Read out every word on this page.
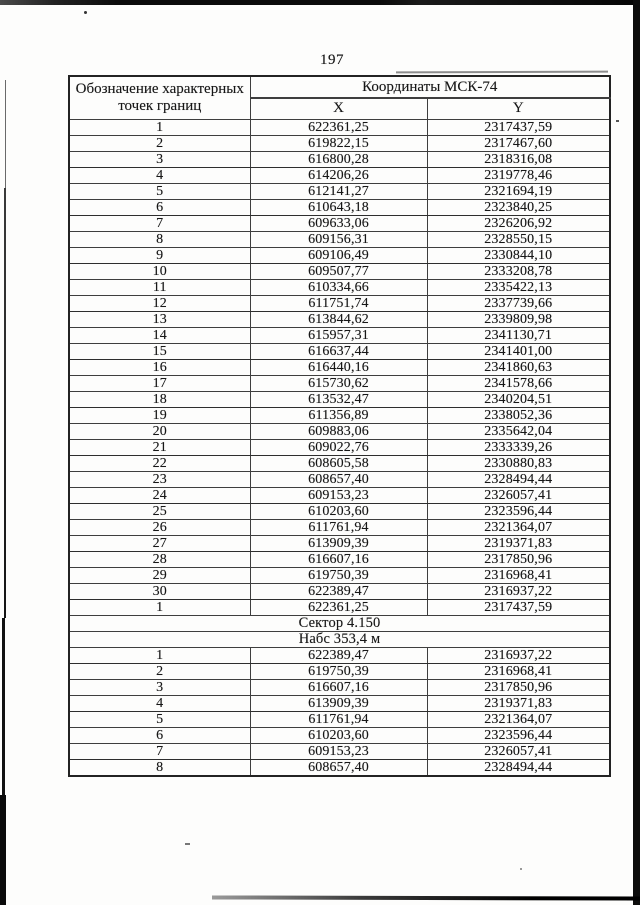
197
Обозначение характерных
точек границ	Координаты МСК-74	
	X	Y
1	622361,25	2317437,59
2	619822,15	2317467,60
3	616800,28	2318316,08
4	614206,26	2319778,46
5	612141,27	2321694,19
6	610643,18	2323840,25
7	609633,06	2326206,92
8	609156,31	2328550,15
9	609106,49	2330844,10
10	609507,77	2333208,78
11	610334,66	2335422,13
12	611751,74	2337739,66
13	613844,62	2339809,98
14	615957,31	2341130,71
15	616637,44	2341401,00
16	616440,16	2341860,63
17	615730,62	2341578,66
18	613532,47	2340204,51
19	611356,89	2338052,36
20	609883,06	2335642,04
21	609022,76	2333339,26
22	608605,58	2330880,83
23	608657,40	2328494,44
24	609153,23	2326057,41
25	610203,60	2323596,44
26	611761,94	2321364,07
27	613909,39	2319371,83
28	616607,16	2317850,96
29	619750,39	2316968,41
30	622389,47	2316937,22
1	622361,25	2317437,59
Сектор 4.150		
Набс 353,4 м		
1	622389,47	2316937,22
2	619750,39	2316968,41
3	616607,16	2317850,96
4	613909,39	2319371,83
5	611761,94	2321364,07
6	610203,60	2323596,44
7	609153,23	2326057,41
8	608657,40	2328494,44
